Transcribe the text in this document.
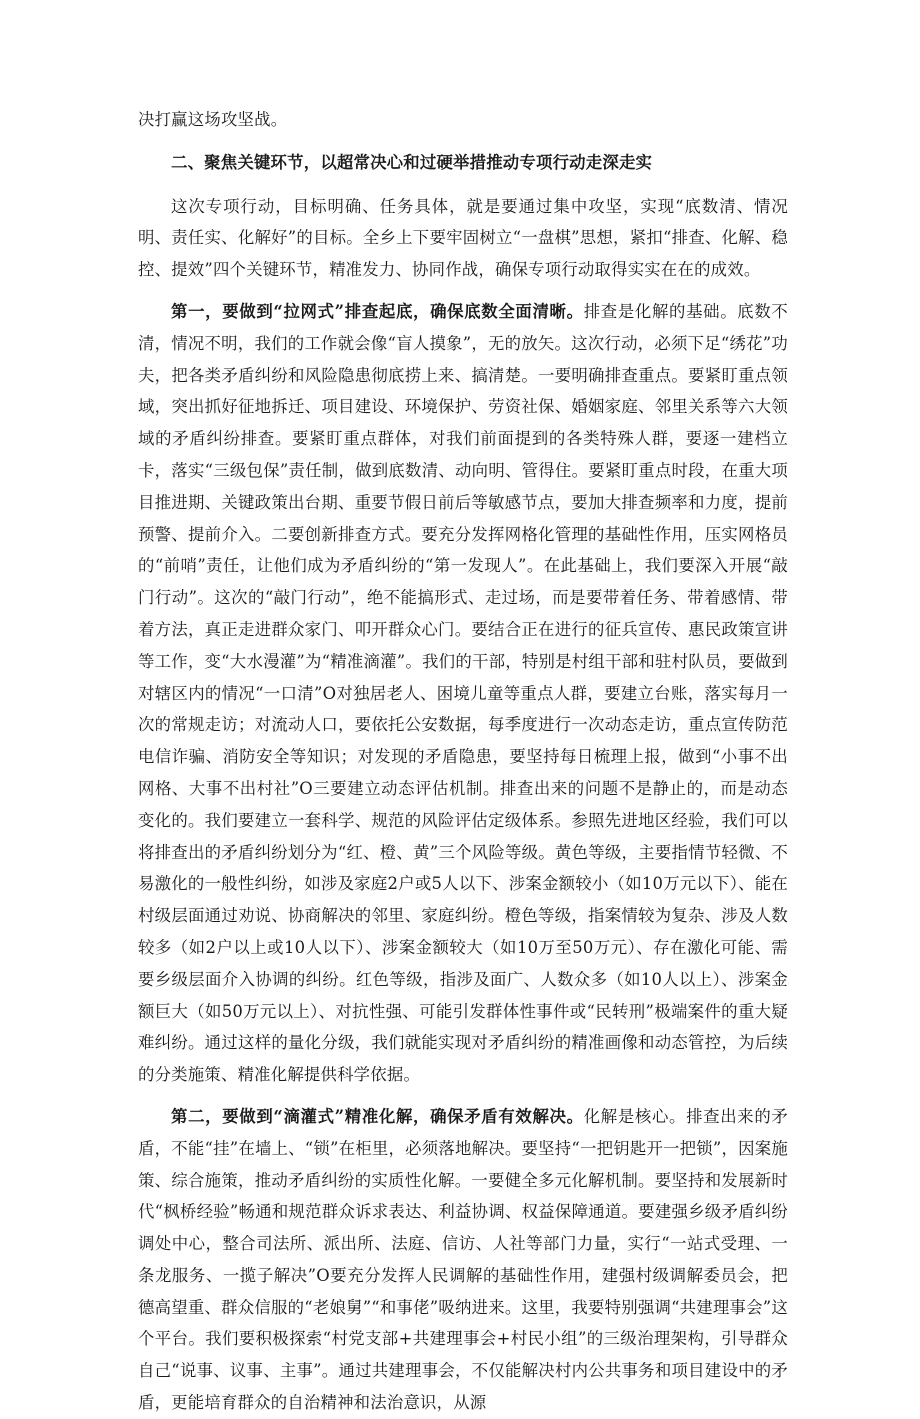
决打赢这场攻坚战。

二、聚焦关键环节，以超常决心和过硬举措推动专项行动走深走实

这次专项行动，目标明确、任务具体，就是要通过集中攻坚，实现“底数清、情况明、责任实、化解好”的目标。全乡上下要牢固树立“一盘棋”思想，紧扣“排查、化解、稳控、提效”四个关键环节，精准发力、协同作战，确保专项行动取得实实在在的成效。

第一，要做到“拉网式”排查起底，确保底数全面清晰。排查是化解的基础。底数不清，情况不明，我们的工作就会像“盲人摸象”，无的放矢。这次行动，必须下足“绣花”功夫，把各类矛盾纠纷和风险隐患彻底捞上来、搞清楚。一要明确排查重点。要紧盯重点领域，突出抓好征地拆迁、项目建设、环境保护、劳资社保、婚姻家庭、邻里关系等六大领域的矛盾纠纷排查。要紧盯重点群体，对我们前面提到的各类特殊人群，要逐一建档立卡，落实“三级包保”责任制，做到底数清、动向明、管得住。要紧盯重点时段，在重大项目推进期、关键政策出台期、重要节假日前后等敏感节点，要加大排查频率和力度，提前预警、提前介入。二要创新排查方式。要充分发挥网格化管理的基础性作用，压实网格员的“前哨”责任，让他们成为矛盾纠纷的“第一发现人”。在此基础上，我们要深入开展“敲门行动”。这次的“敲门行动”，绝不能搞形式、走过场，而是要带着任务、带着感情、带着方法，真正走进群众家门、叩开群众心门。要结合正在进行的征兵宣传、惠民政策宣讲等工作，变“大水漫灌”为“精准滴灌”。我们的干部，特别是村组干部和驻村队员，要做到对辖区内的情况“一口清”O对独居老人、困境儿童等重点人群，要建立台账，落实每月一次的常规走访；对流动人口，要依托公安数据，每季度进行一次动态走访，重点宣传防范电信诈骗、消防安全等知识；对发现的矛盾隐患，要坚持每日梳理上报，做到“小事不出网格、大事不出村社”O三要建立动态评估机制。排查出来的问题不是静止的，而是动态变化的。我们要建立一套科学、规范的风险评估定级体系。参照先进地区经验，我们可以将排查出的矛盾纠纷划分为“红、橙、黄”三个风险等级。黄色等级，主要指情节轻微、不易激化的一般性纠纷，如涉及家庭2户或5人以下、涉案金额较小（如10万元以下）、能在村级层面通过劝说、协商解决的邻里、家庭纠纷。橙色等级，指案情较为复杂、涉及人数较多（如2户以上或10人以下）、涉案金额较大（如10万至50万元）、存在激化可能、需要乡级层面介入协调的纠纷。红色等级，指涉及面广、人数众多（如10人以上）、涉案金额巨大（如50万元以上）、对抗性强、可能引发群体性事件或“民转刑”极端案件的重大疑难纠纷。通过这样的量化分级，我们就能实现对矛盾纠纷的精准画像和动态管控，为后续的分类施策、精准化解提供科学依据。

第二，要做到“滴灌式”精准化解，确保矛盾有效解决。化解是核心。排查出来的矛盾，不能“挂”在墙上、“锁”在柜里，必须落地解决。要坚持“一把钥匙开一把锁”，因案施策、综合施策，推动矛盾纠纷的实质性化解。一要健全多元化解机制。要坚持和发展新时代“枫桥经验”畅通和规范群众诉求表达、利益协调、权益保障通道。要建强乡级矛盾纠纷调处中心，整合司法所、派出所、法庭、信访、人社等部门力量，实行“一站式受理、一条龙服务、一揽子解决”O要充分发挥人民调解的基础性作用，建强村级调解委员会，把德高望重、群众信服的“老娘舅”“和事佬”吸纳进来。这里，我要特别强调“共建理事会”这个平台。我们要积极探索“村党支部+共建理事会+村民小组”的三级治理架构，引导群众自己“说事、议事、主事”。通过共建理事会，不仅能解决村内公共事务和项目建设中的矛盾，更能培育群众的自治精神和法治意识，从源
